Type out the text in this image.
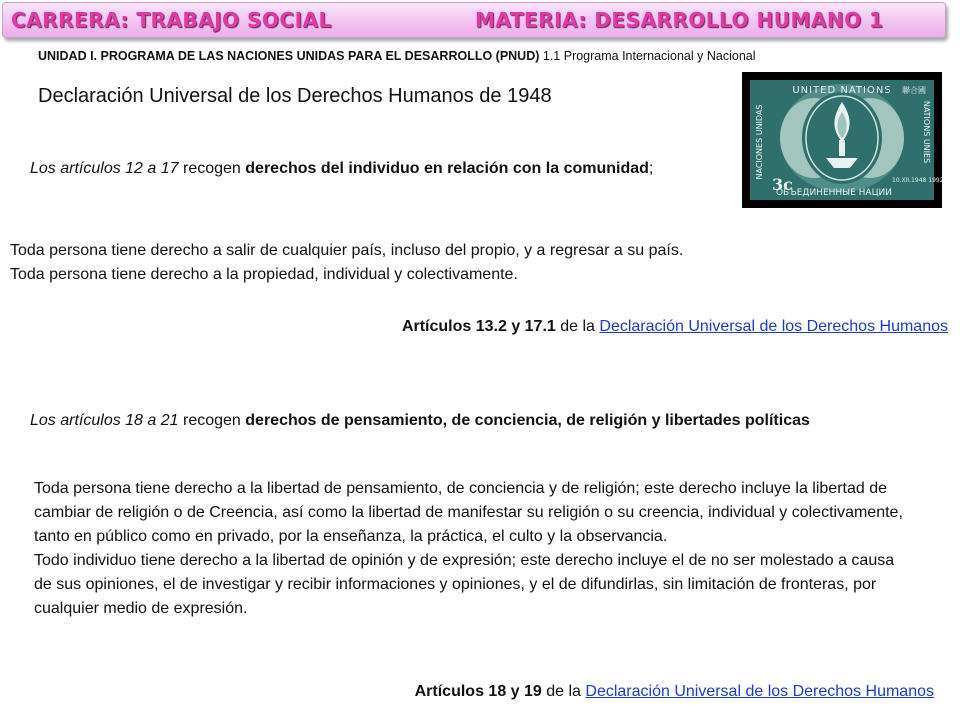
CARRERA: TRABAJO SOCIAL	MATERIA: DESARROLLO HUMANO 1
UNIDAD I. PROGRAMA DE LAS NACIONES UNIDAS PARA EL DESARROLLO (PNUD) 1.1 Programa Internacional y Nacional
Declaración Universal de los Derechos Humanos de 1948	UNITED NATIONS
ОБЪЕДИНЕННЫЕ НАЦИИ
NACIONES UNIDAS	NATIONS UNIES
3c	10.XII.1948 1992
聯合國
Los artículos 12 a 17 recogen derechos del individuo en relación con la comunidad;
Toda persona tiene derecho a salir de cualquier país, incluso del propio, y a regresar a su país.
Toda persona tiene derecho a la propiedad, individual y colectivamente.
Artículos 13.2 y 17.1 de la Declaración Universal de los Derechos Humanos
Los artículos 18 a 21 recogen derechos de pensamiento, de conciencia, de religión y libertades políticas
Toda persona tiene derecho a la libertad de pensamiento, de conciencia y de religión; este derecho incluye la libertad de cambiar de religión o de Creencia, así como la libertad de manifestar su religión o su creencia, individual y colectivamente, tanto en público como en privado, por la enseñanza, la práctica, el culto y la observancia.
Todo individuo tiene derecho a la libertad de opinión y de expresión; este derecho incluye el de no ser molestado a causa de sus opiniones, el de investigar y recibir informaciones y opiniones, y el de difundirlas, sin limitación de fronteras, por cualquier medio de expresión.
Artículos 18 y 19 de la Declaración Universal de los Derechos Humanos
